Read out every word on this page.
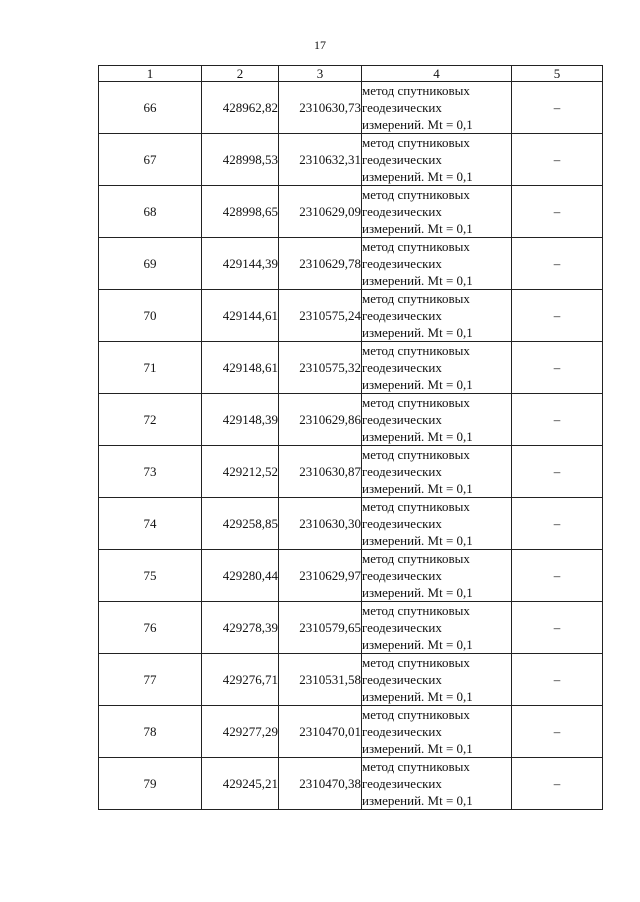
17
1	2	3	4	5
66	428962,82	2310630,73	метод спутниковых
геодезических
измерений. Mt = 0,1	–
67	428998,53	2310632,31	метод спутниковых
геодезических
измерений. Mt = 0,1	–
68	428998,65	2310629,09	метод спутниковых
геодезических
измерений. Mt = 0,1	–
69	429144,39	2310629,78	метод спутниковых
геодезических
измерений. Mt = 0,1	–
70	429144,61	2310575,24	метод спутниковых
геодезических
измерений. Mt = 0,1	–
71	429148,61	2310575,32	метод спутниковых
геодезических
измерений. Mt = 0,1	–
72	429148,39	2310629,86	метод спутниковых
геодезических
измерений. Mt = 0,1	–
73	429212,52	2310630,87	метод спутниковых
геодезических
измерений. Mt = 0,1	–
74	429258,85	2310630,30	метод спутниковых
геодезических
измерений. Mt = 0,1	–
75	429280,44	2310629,97	метод спутниковых
геодезических
измерений. Mt = 0,1	–
76	429278,39	2310579,65	метод спутниковых
геодезических
измерений. Mt = 0,1	–
77	429276,71	2310531,58	метод спутниковых
геодезических
измерений. Mt = 0,1	–
78	429277,29	2310470,01	метод спутниковых
геодезических
измерений. Mt = 0,1	–
79	429245,21	2310470,38	метод спутниковых
геодезических
измерений. Mt = 0,1	–
